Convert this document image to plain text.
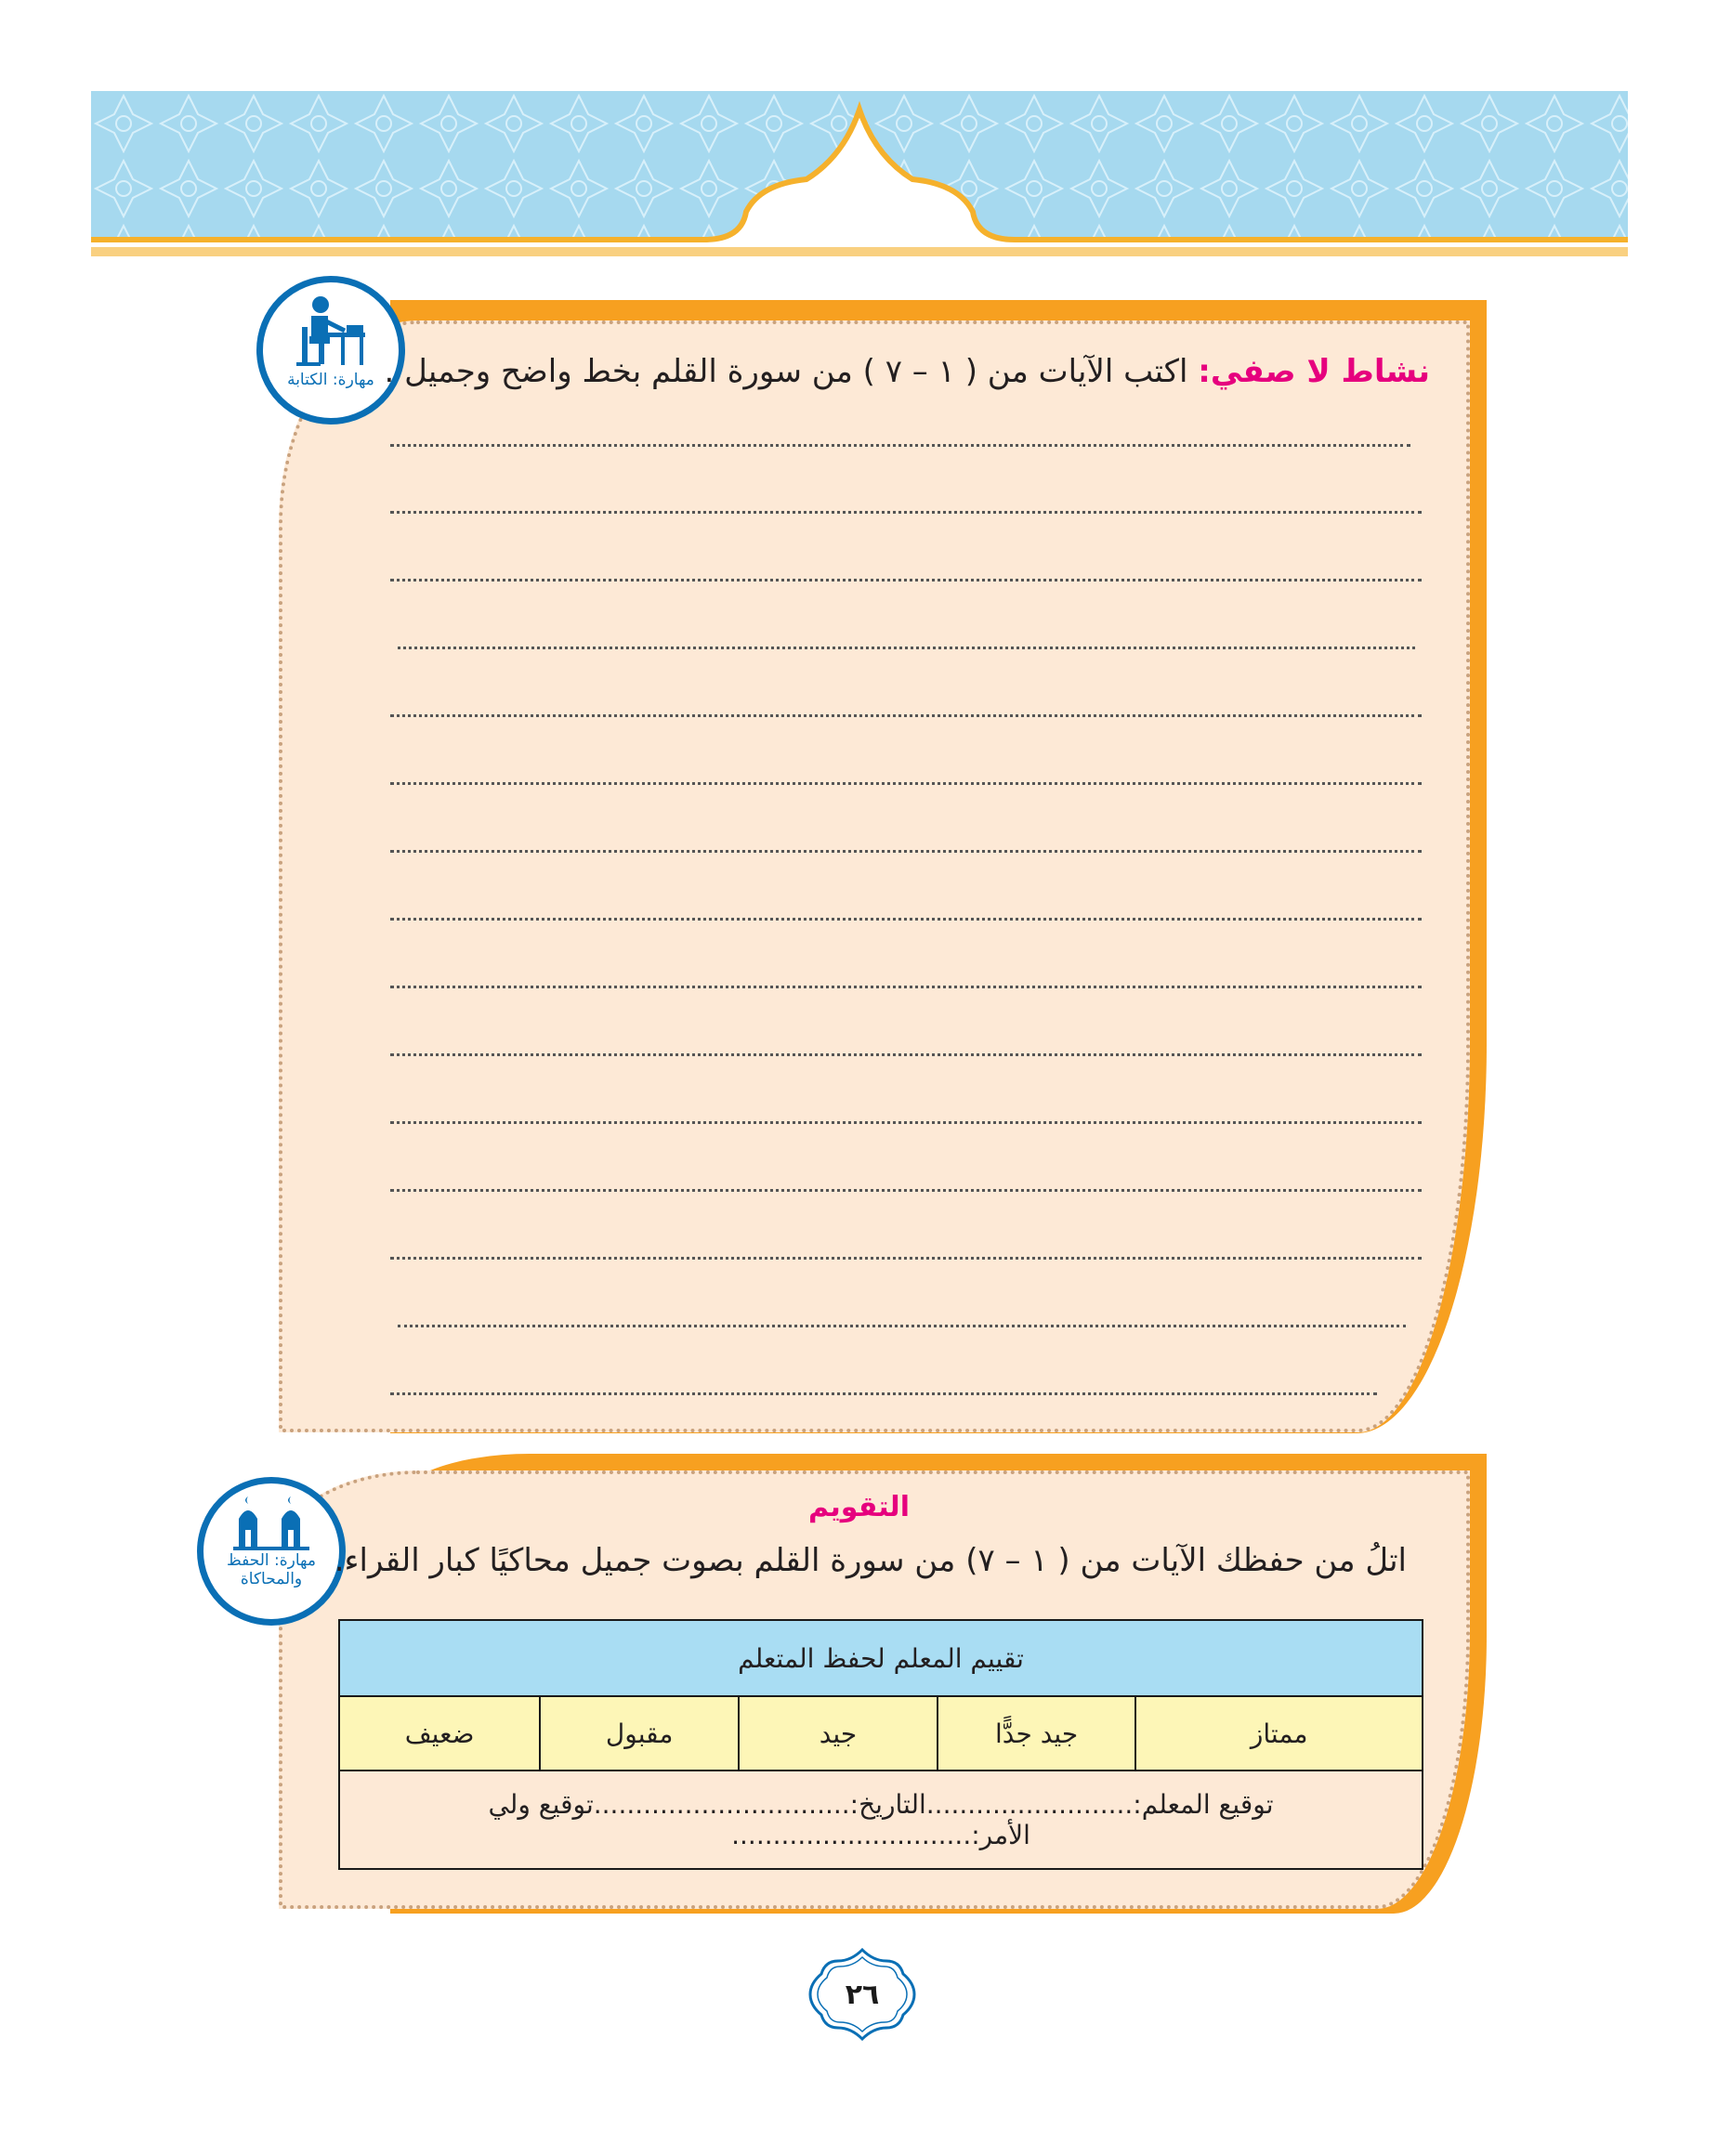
مهارة: الكتابة	نشاط لا صفي: اكتب الآيات من ( ١ – ٧ ) من سورة القلم بخط واضح وجميل .
مهارة: الحفظ
والمحاكاة
التقويم
اتلُ من حفظك الآيات من ( ١ – ٧) من سورة القلم بصوت جميل محاكيًا كبار القراء.
تقييم المعلم لحفظ المتعلم
ممتاز	جيد جدًّا	جيد	مقبول	ضعيف
توقيع المعلم:.........................التاريخ:...............................توقيع ولي الأمر:.............................
٢٦
